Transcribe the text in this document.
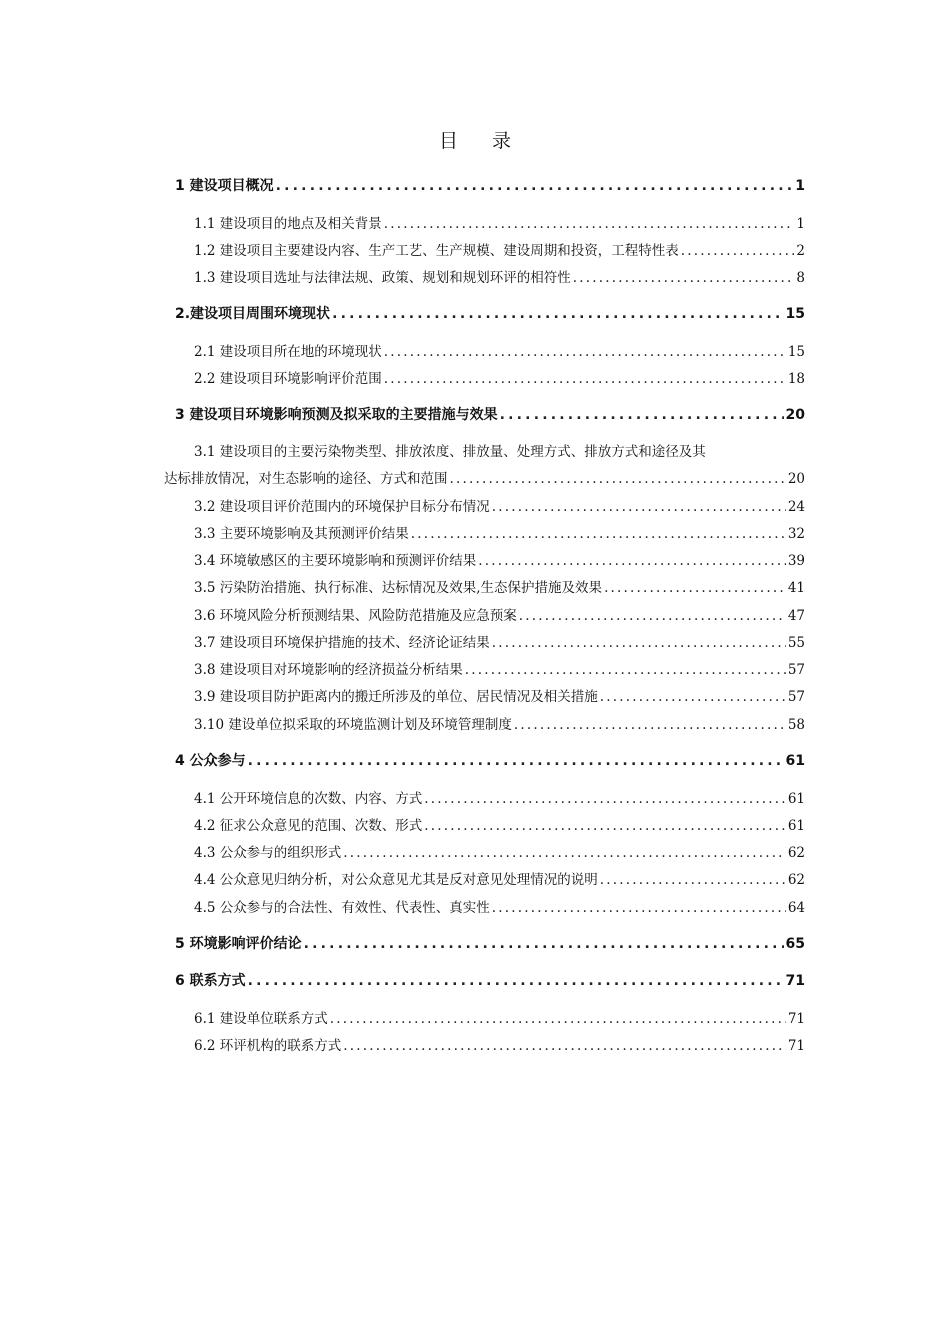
目 录
1 建设项目概况 .....	1
1.1 建设项目的地点及相关背景 .....	1
1.2 建设项目主要建设内容、生产工艺、生产规模、建设周期和投资，工程特性表 .....	2
1.3 建设项目选址与法律法规、政策、规划和规划环评的相符性 .....	8
2.建设项目周围环境现状 .....	15
2.1 建设项目所在地的环境现状 .....	15
2.2 建设项目环境影响评价范围 .....	18
3 建设项目环境影响预测及拟采取的主要措施与效果 .....	20
3.1 建设项目的主要污染物类型、排放浓度、排放量、处理方式、排放方式和途径及其
达标排放情况，对生态影响的途径、方式和范围 .....	20
3.2 建设项目评价范围内的环境保护目标分布情况 .....	24
3.3 主要环境影响及其预测评价结果 .....	32
3.4 环境敏感区的主要环境影响和预测评价结果 .....	39
3.5 污染防治措施、执行标准、达标情况及效果,生态保护措施及效果 .....	41
3.6 环境风险分析预测结果、风险防范措施及应急预案 .....	47
3.7 建设项目环境保护措施的技术、经济论证结果 .....	55
3.8 建设项目对环境影响的经济损益分析结果 .....	57
3.9 建设项目防护距离内的搬迁所涉及的单位、居民情况及相关措施 .....	57
3.10 建设单位拟采取的环境监测计划及环境管理制度 .....	58
4 公众参与 .....	61
4.1 公开环境信息的次数、内容、方式 .....	61
4.2 征求公众意见的范围、次数、形式 .....	61
4.3 公众参与的组织形式 .....	62
4.4 公众意见归纳分析，对公众意见尤其是反对意见处理情况的说明 .....	62
4.5 公众参与的合法性、有效性、代表性、真实性 .....	64
5 环境影响评价结论 .....	65
6 联系方式 .....	71
6.1 建设单位联系方式 .....	71
6.2 环评机构的联系方式 .....	71
